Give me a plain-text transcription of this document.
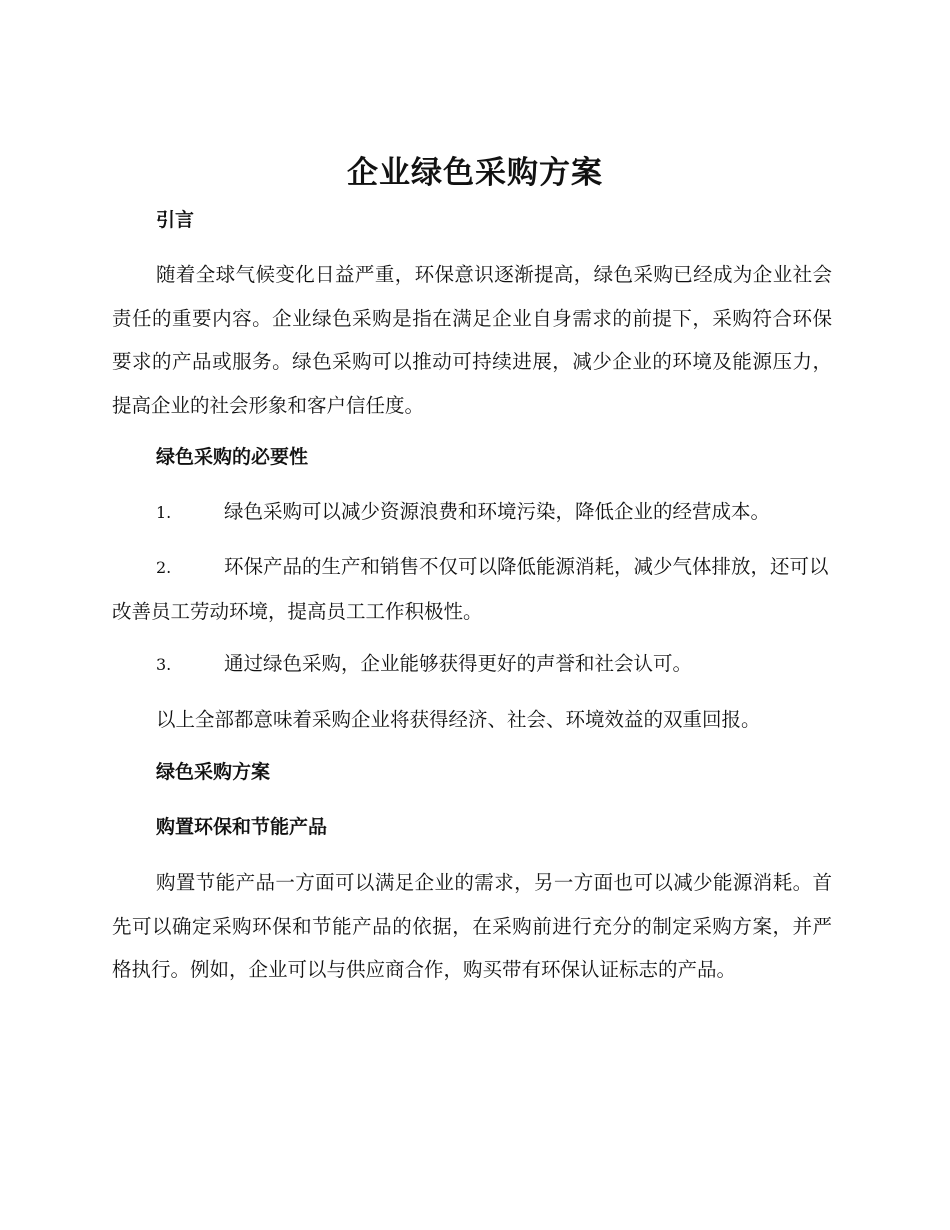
企业绿色采购方案
引言

随着全球气候变化日益严重，环保意识逐渐提高，绿色采购已经成为企业社会责任的重要内容。企业绿色采购是指在满足企业自身需求的前提下，采购符合环保要求的产品或服务。绿色采购可以推动可持续进展，减少企业的环境及能源压力，提高企业的社会形象和客户信任度。

绿色采购的必要性

1.	绿色采购可以减少资源浪费和环境污染，降低企业的经营成本。

2.	环保产品的生产和销售不仅可以降低能源消耗，减少气体排放，还可以改善员工劳动环境，提高员工工作积极性。

3.	通过绿色采购，企业能够获得更好的声誉和社会认可。

以上全部都意味着采购企业将获得经济、社会、环境效益的双重回报。

绿色采购方案
购置环保和节能产品

购置节能产品一方面可以满足企业的需求，另一方面也可以减少能源消耗。首先可以确定采购环保和节能产品的依据，在采购前进行充分的制定采购方案，并严格执行。例如，企业可以与供应商合作，购买带有环保认证标志的产品。
